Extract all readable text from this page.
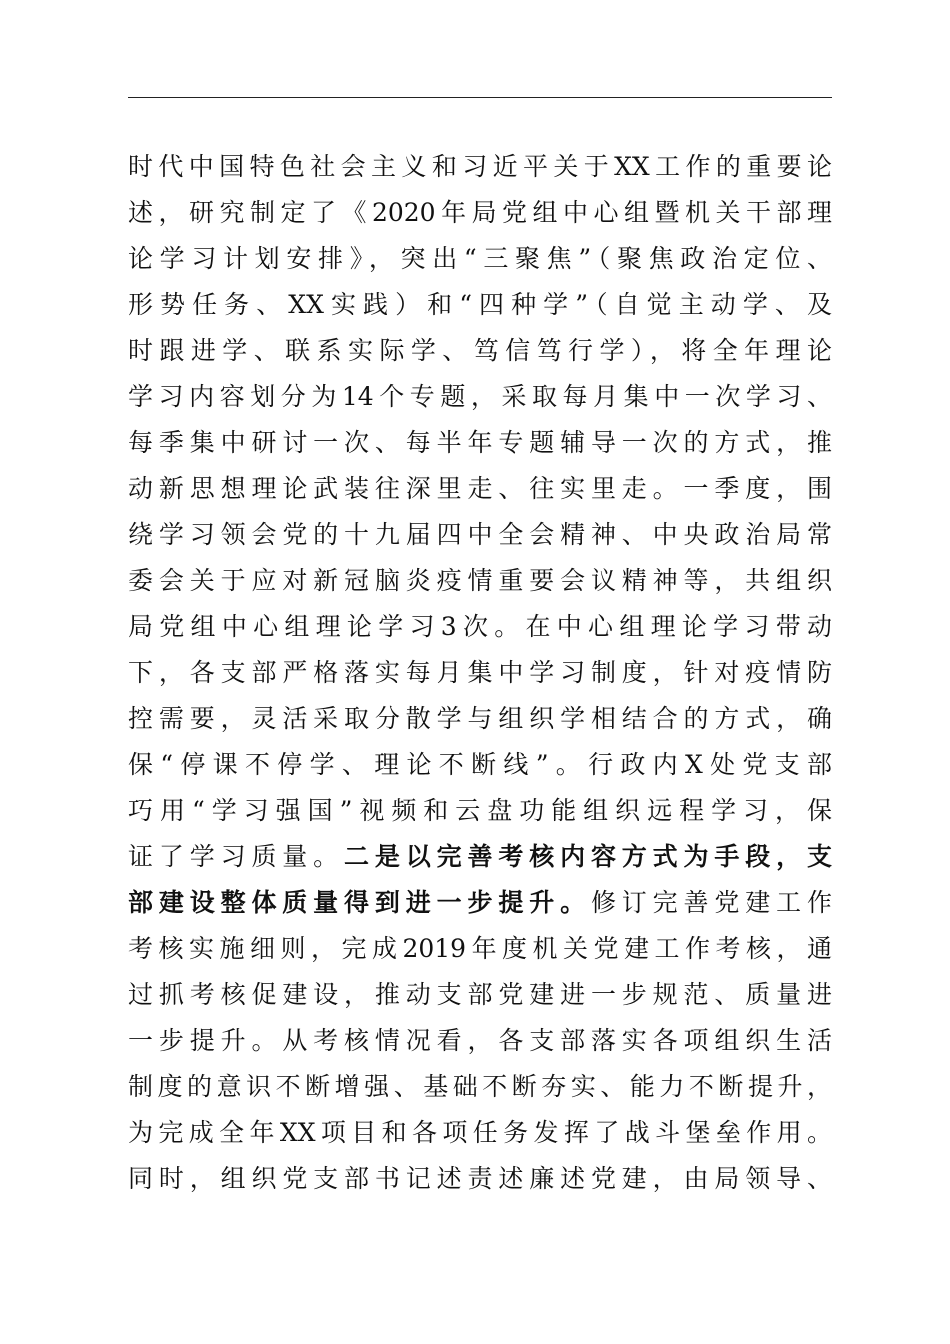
时代中国特色社会主义和习近平关于XX工作的重要论
述，研究制定了《2020年局党组中心组暨机关干部理
论学习计划安排》，突出“三聚焦”（聚焦政治定位、
形势任务、XX实践）和“四种学”（自觉主动学、及
时跟进学、联系实际学、笃信笃行学），将全年理论
学习内容划分为14个专题，采取每月集中一次学习、
每季集中研讨一次、每半年专题辅导一次的方式，推
动新思想理论武装往深里走、往实里走。一季度，围
绕学习领会党的十九届四中全会精神、中央政治局常
委会关于应对新冠脑炎疫情重要会议精神等，共组织
局党组中心组理论学习3次。在中心组理论学习带动
下，各支部严格落实每月集中学习制度，针对疫情防
控需要，灵活采取分散学与组织学相结合的方式，确
保“停课不停学、理论不断线”。行政内X处党支部
巧用“学习强国”视频和云盘功能组织远程学习，保
证了学习质量。二是以完善考核内容方式为手段，支
部建设整体质量得到进一步提升。修订完善党建工作
考核实施细则，完成2019年度机关党建工作考核，通
过抓考核促建设，推动支部党建进一步规范、质量进
一步提升。从考核情况看，各支部落实各项组织生活
制度的意识不断增强、基础不断夯实、能力不断提升，
为完成全年XX项目和各项任务发挥了战斗堡垒作用。
同时，组织党支部书记述责述廉述党建，由局领导、
